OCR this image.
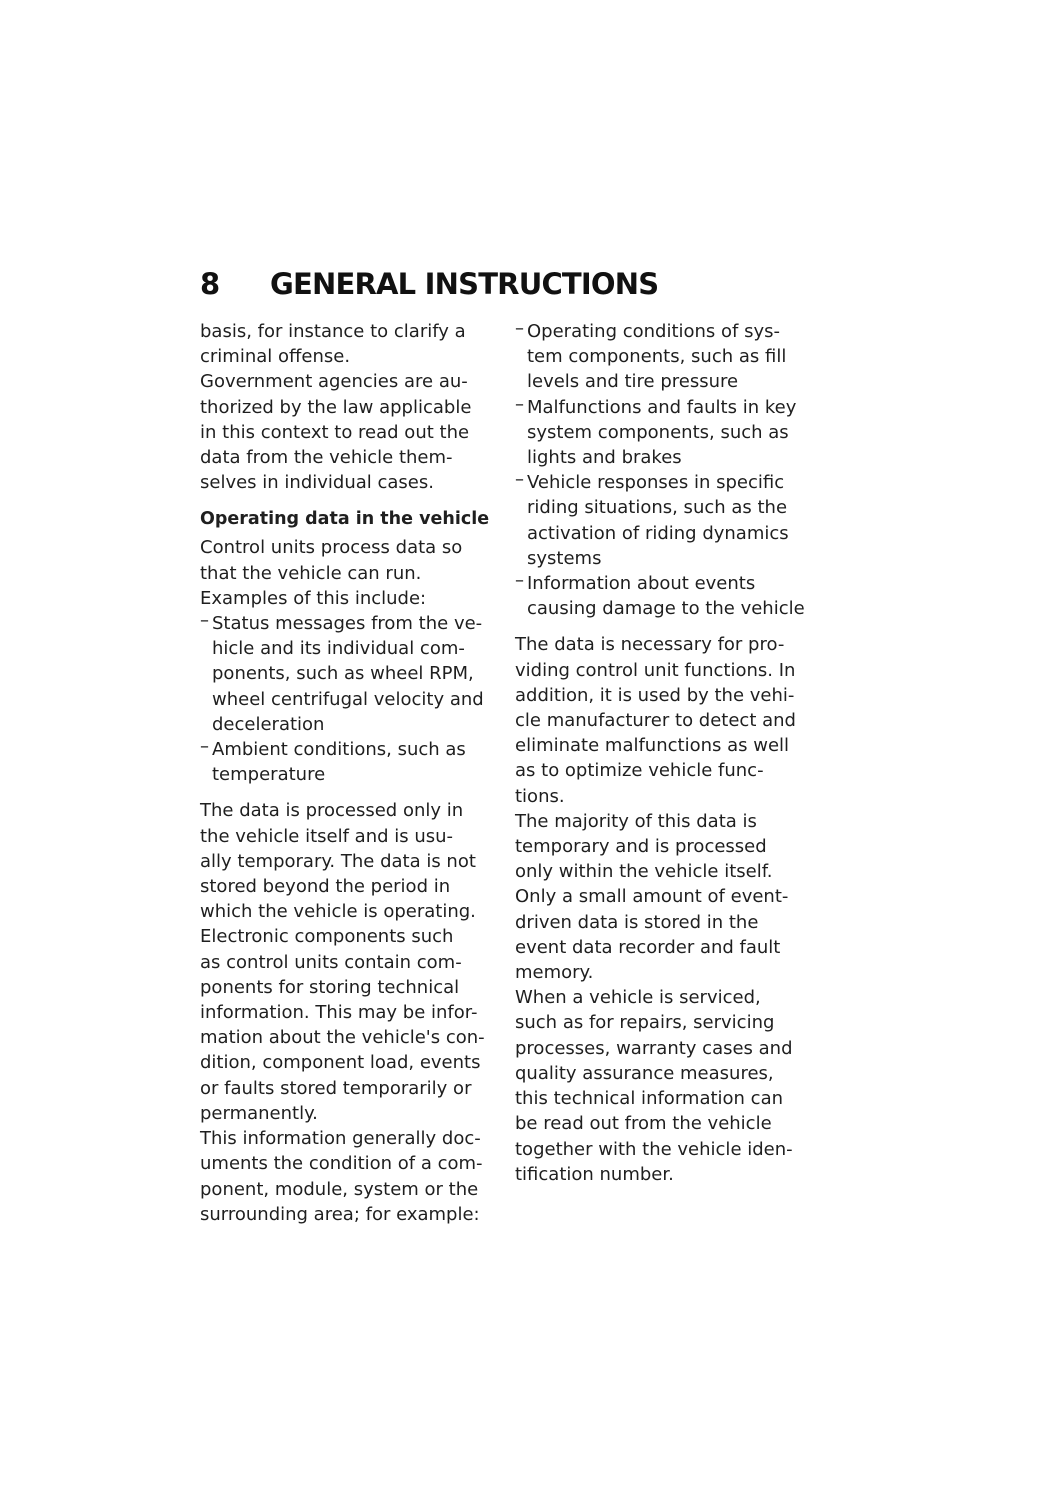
8	GENERAL INSTRUCTIONS
basis, for instance to clarify a
criminal offense.
Government agencies are au-
thorized by the law applicable
in this context to read out the
data from the vehicle them-
selves in individual cases.
Operating data in the vehicle
Control units process data so
that the vehicle can run.
Examples of this include:
– Status messages from the ve-
hicle and its individual com-
ponents, such as wheel RPM,
wheel centrifugal velocity and
deceleration
– Ambient conditions, such as
temperature
The data is processed only in
the vehicle itself and is usu-
ally temporary. The data is not
stored beyond the period in
which the vehicle is operating.
Electronic components such
as control units contain com-
ponents for storing technical
information. This may be infor-
mation about the vehicle's con-
dition, component load, events
or faults stored temporarily or
permanently.
This information generally doc-
uments the condition of a com-
ponent, module, system or the
surrounding area; for example:
– Operating conditions of sys-
tem components, such as fill
levels and tire pressure
– Malfunctions and faults in key
system components, such as
lights and brakes
– Vehicle responses in specific
riding situations, such as the
activation of riding dynamics
systems
– Information about events
causing damage to the vehicle
The data is necessary for pro-
viding control unit functions. In
addition, it is used by the vehi-
cle manufacturer to detect and
eliminate malfunctions as well
as to optimize vehicle func-
tions.
The majority of this data is
temporary and is processed
only within the vehicle itself.
Only a small amount of event-
driven data is stored in the
event data recorder and fault
memory.
When a vehicle is serviced,
such as for repairs, servicing
processes, warranty cases and
quality assurance measures,
this technical information can
be read out from the vehicle
together with the vehicle iden-
tification number.
